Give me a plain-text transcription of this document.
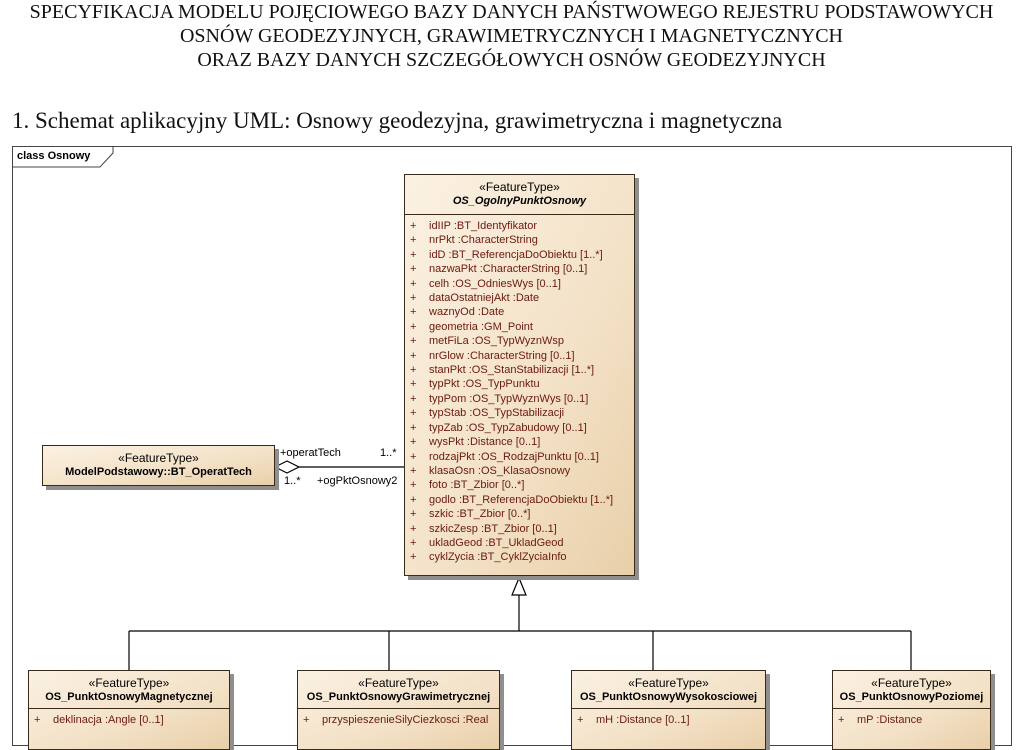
SPECYFIKACJA MODELU POJĘCIOWEGO BAZY DANYCH PAŃSTWOWEGO REJESTRU PODSTAWOWYCH
OSNÓW GEODEZYJNYCH, GRAWIMETRYCZNYCH I MAGNETYCZNYCH
ORAZ BAZY DANYCH SZCZEGÓŁOWYCH OSNÓW GEODEZYJNYCH
1. Schemat aplikacyjny UML: Osnowy geodezyjna, grawimetryczna i magnetyczna
class Osnowy
«FeatureType»
OS_OgolnyPunktOsnowy
+ idIIP :BT_Identyfikator
+ nrPkt :CharacterString
+ idD :BT_ReferencjaDoObiektu [1..*]
+ nazwaPkt :CharacterString [0..1]
+ celh :OS_OdniesWys [0..1]
+ dataOstatniejAkt :Date
+ waznyOd :Date
+ geometria :GM_Point
+ metFiLa :OS_TypWyznWsp
+ nrGlow :CharacterString [0..1]
+ stanPkt :OS_StanStabilizacji [1..*]
+ typPkt :OS_TypPunktu
+ typPom :OS_TypWyznWys [0..1]
+ typStab :OS_TypStabilizacji
+ typZab :OS_TypZabudowy [0..1]
+ wysPkt :Distance [0..1]
+ rodzajPkt :OS_RodzajPunktu [0..1]
+ klasaOsn :OS_KlasaOsnowy
+ foto :BT_Zbior [0..*]
+ godlo :BT_ReferencjaDoObiektu [1..*]
+ szkic :BT_Zbior [0..*]
+ szkicZesp :BT_Zbior [0..1]
+ ukladGeod :BT_UkladGeod
+ cyklZycia :BT_CyklZyciaInfo
«FeatureType»
ModelPodstawowy::BT_OperatTech
+operatTech	1..*
1..* +ogPktOsnowy2
«FeatureType»
OS_PunktOsnowyMagnetycznej
+ deklinacja :Angle [0..1]
«FeatureType»
OS_PunktOsnowyGrawimetrycznej
+ przyspieszenieSilyCiezkosci :Real
«FeatureType»
OS_PunktOsnowyWysokosciowej
+ mH :Distance [0..1]
«FeatureType»
OS_PunktOsnowyPoziomej
+ mP :Distance
